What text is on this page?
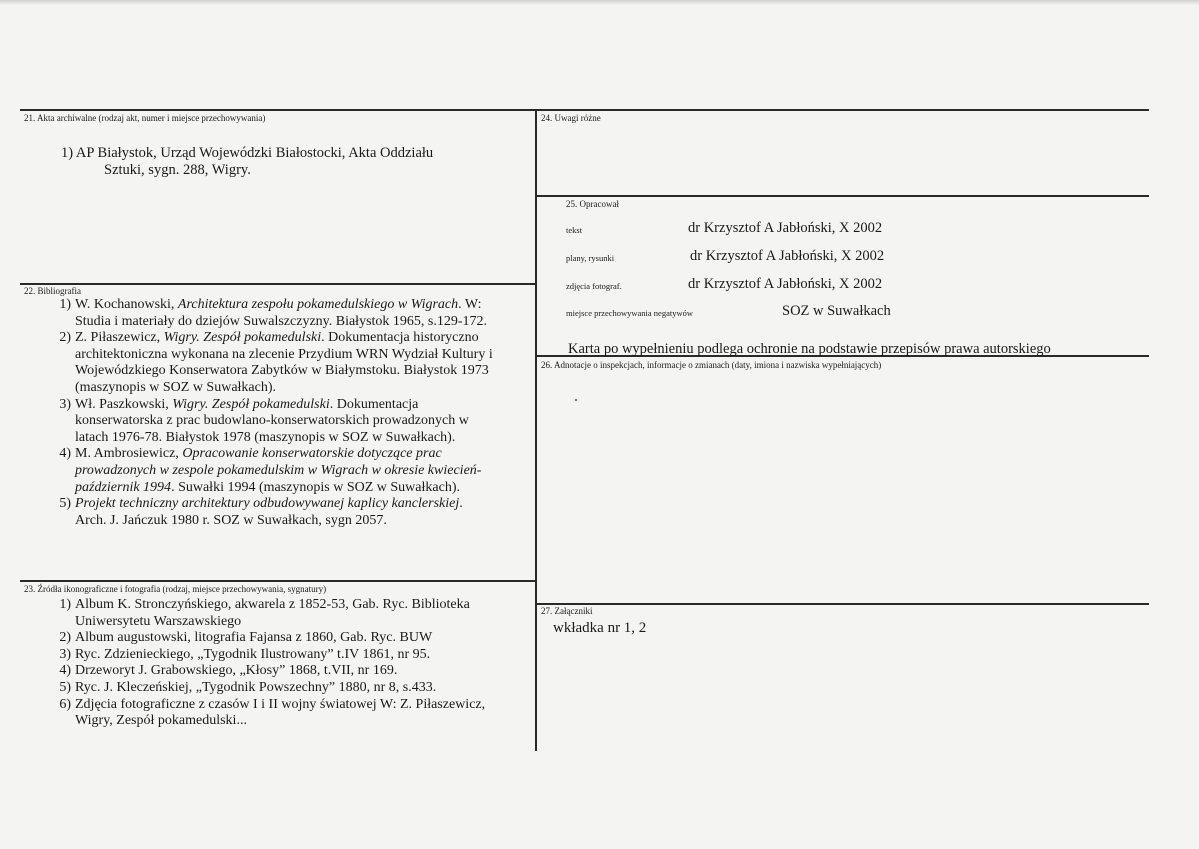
21. Akta archiwalne (rodzaj akt, numer i miejsce przechowywania)
1) AP Białystok, Urząd Wojewódzki Białostocki, Akta Oddziału
Sztuki, sygn. 288, Wigry.
22. Bibliografia
1) W. Kochanowski, Architektura zespołu pokamedulskiego w Wigrach. W:
Studia i materiały do dziejów Suwalszczyzny. Białystok 1965, s.129-172.
2) Z. Piłaszewicz, Wigry. Zespół pokamedulski. Dokumentacja historyczno
architektoniczna wykonana na zlecenie Przydium WRN Wydział Kultury i
Wojewódzkiego Konserwatora Zabytków w Białymstoku. Białystok 1973
(maszynopis w SOZ w Suwałkach).
3) Wł. Paszkowski, Wigry. Zespół pokamedulski. Dokumentacja
konserwatorska z prac budowlano-konserwatorskich prowadzonych w
latach 1976-78. Białystok 1978 (maszynopis w SOZ w Suwałkach).
4) M. Ambrosiewicz, Opracowanie konserwatorskie dotyczące prac
prowadzonych w zespole pokamedulskim w Wigrach w okresie kwiecień-
październik 1994. Suwałki 1994 (maszynopis w SOZ w Suwałkach).
5) Projekt techniczny architektury odbudowywanej kaplicy kanclerskiej.
Arch. J. Jańczuk 1980 r. SOZ w Suwałkach, sygn 2057.
23. Źródła ikonograficzne i fotografia (rodzaj, miejsce przechowywania, sygnatury)
1) Album K. Stronczyńskiego, akwarela z 1852-53, Gab. Ryc. Biblioteka
Uniwersytetu Warszawskiego
2) Album augustowski, litografia Fajansa z 1860, Gab. Ryc. BUW
3) Ryc. Zdzienieckiego, „Tygodnik Ilustrowany” t.IV 1861, nr 95.
4) Drzeworyt J. Grabowskiego, „Kłosy” 1868, t.VII, nr 169.
5) Ryc. J. Kleczeńskiej, „Tygodnik Powszechny” 1880, nr 8, s.433.
6) Zdjęcia fotograficzne z czasów I i II wojny światowej W: Z. Piłaszewicz,
Wigry, Zespół pokamedulski...
24. Uwagi różne
25. Opracował
tekst	dr Krzysztof A Jabłoński, X 2002
plany, rysunki	dr Krzysztof A Jabłoński, X 2002
zdjęcia fotograf.	dr Krzysztof A Jabłoński, X 2002
miejsce przechowywania negatywów	SOZ w Suwałkach
Karta po wypełnieniu podlega ochronie na podstawie przepisów prawa autorskiego
26. Adnotacje o inspekcjach, informacje o zmianach (daty, imiona i nazwiska wypełniających)
27. Załączniki
wkładka nr 1, 2
